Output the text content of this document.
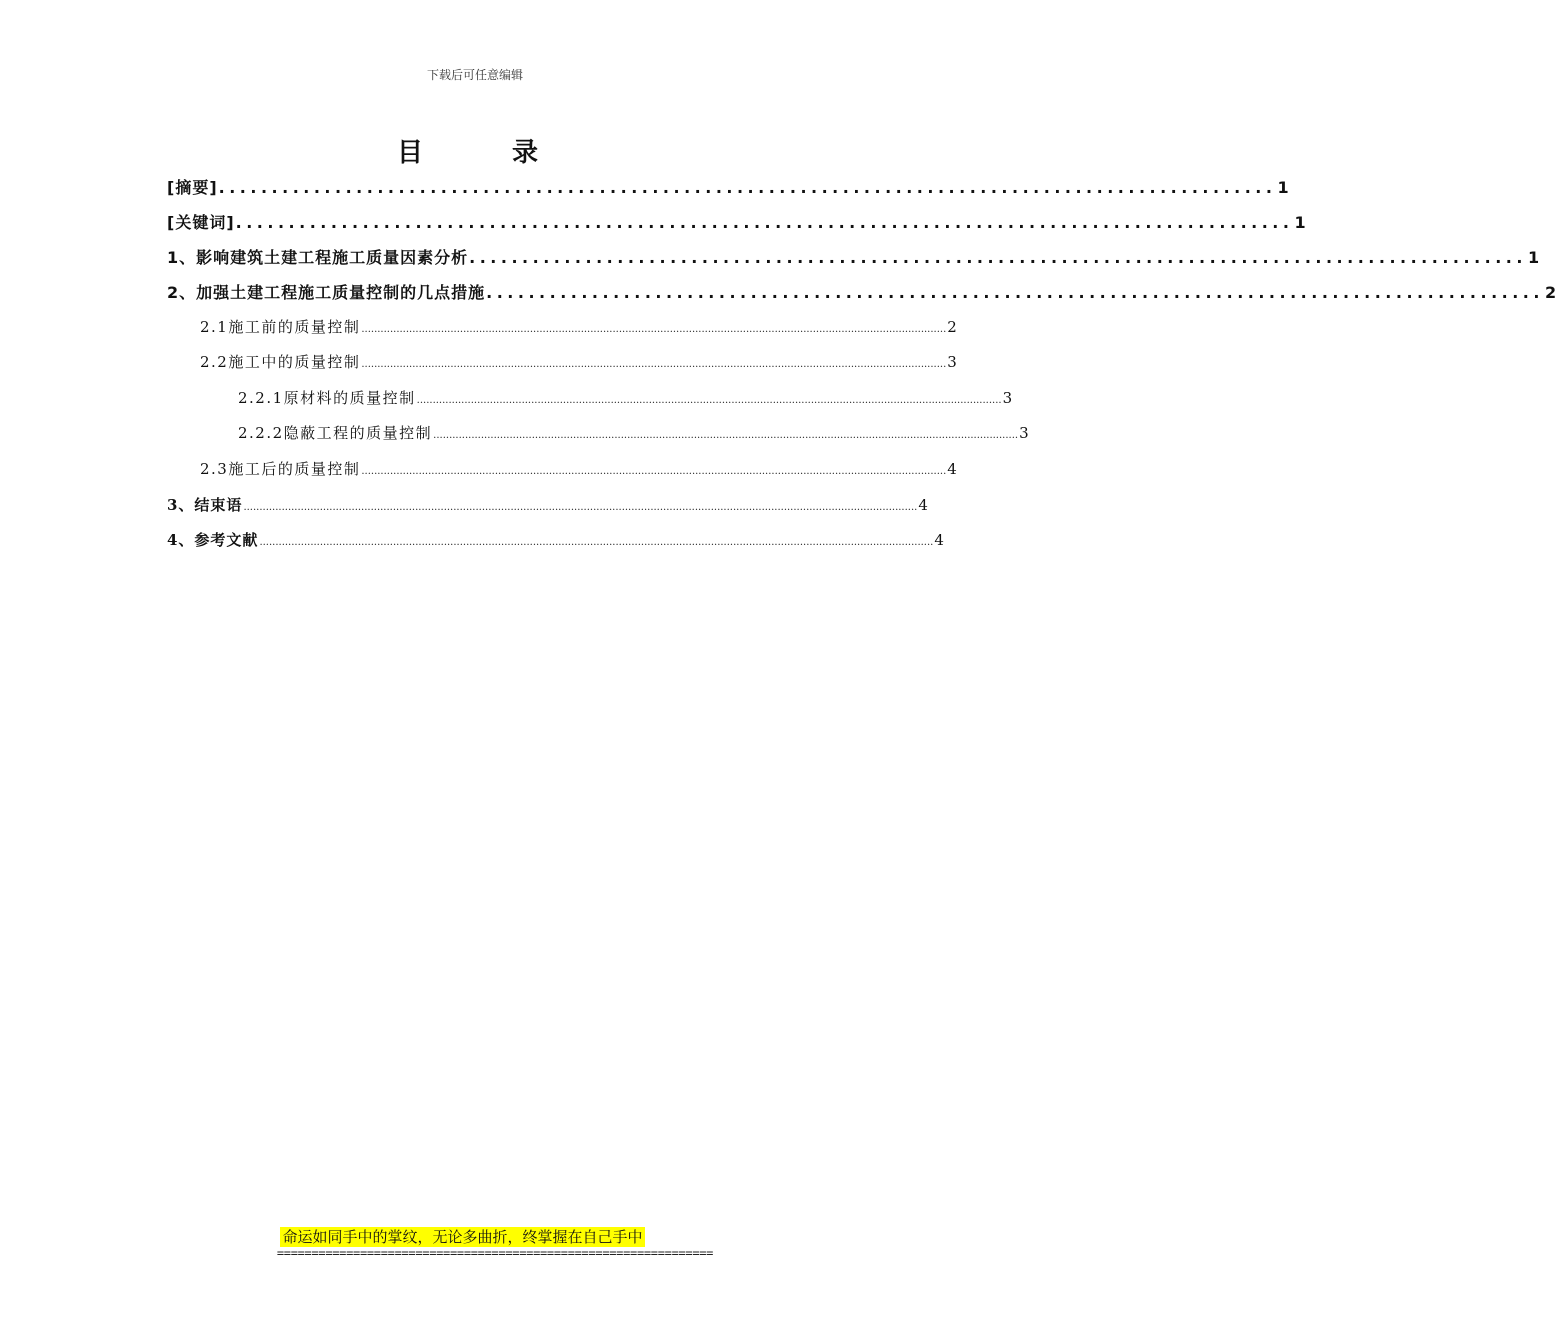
下载后可任意编辑
目 录
[摘要] .................................................................................................... 1
[关键词] .................................................................................................... 1
1、影响建筑土建工程施工质量因素分析 .................................................................................................... 1
2、加强土建工程施工质量控制的几点措施 .................................................................................................... 2
2.1施工前的质量控制 ........................................................................................................................................................................................ 2
2.2施工中的质量控制 ........................................................................................................................................................................................ 3
2.2.1原材料的质量控制 ........................................................................................................................................................................................ 3
2.2.2隐蔽工程的质量控制 ........................................................................................................................................................................................ 3
2.3施工后的质量控制 ........................................................................................................................................................................................ 4
3、结束语 .................................................................................................................................................................................................................... 4
4、参考文献 .................................................................................................................................................................................................................... 4
命运如同手中的掌纹，无论多曲折，终掌握在自己手中
===============================================================
